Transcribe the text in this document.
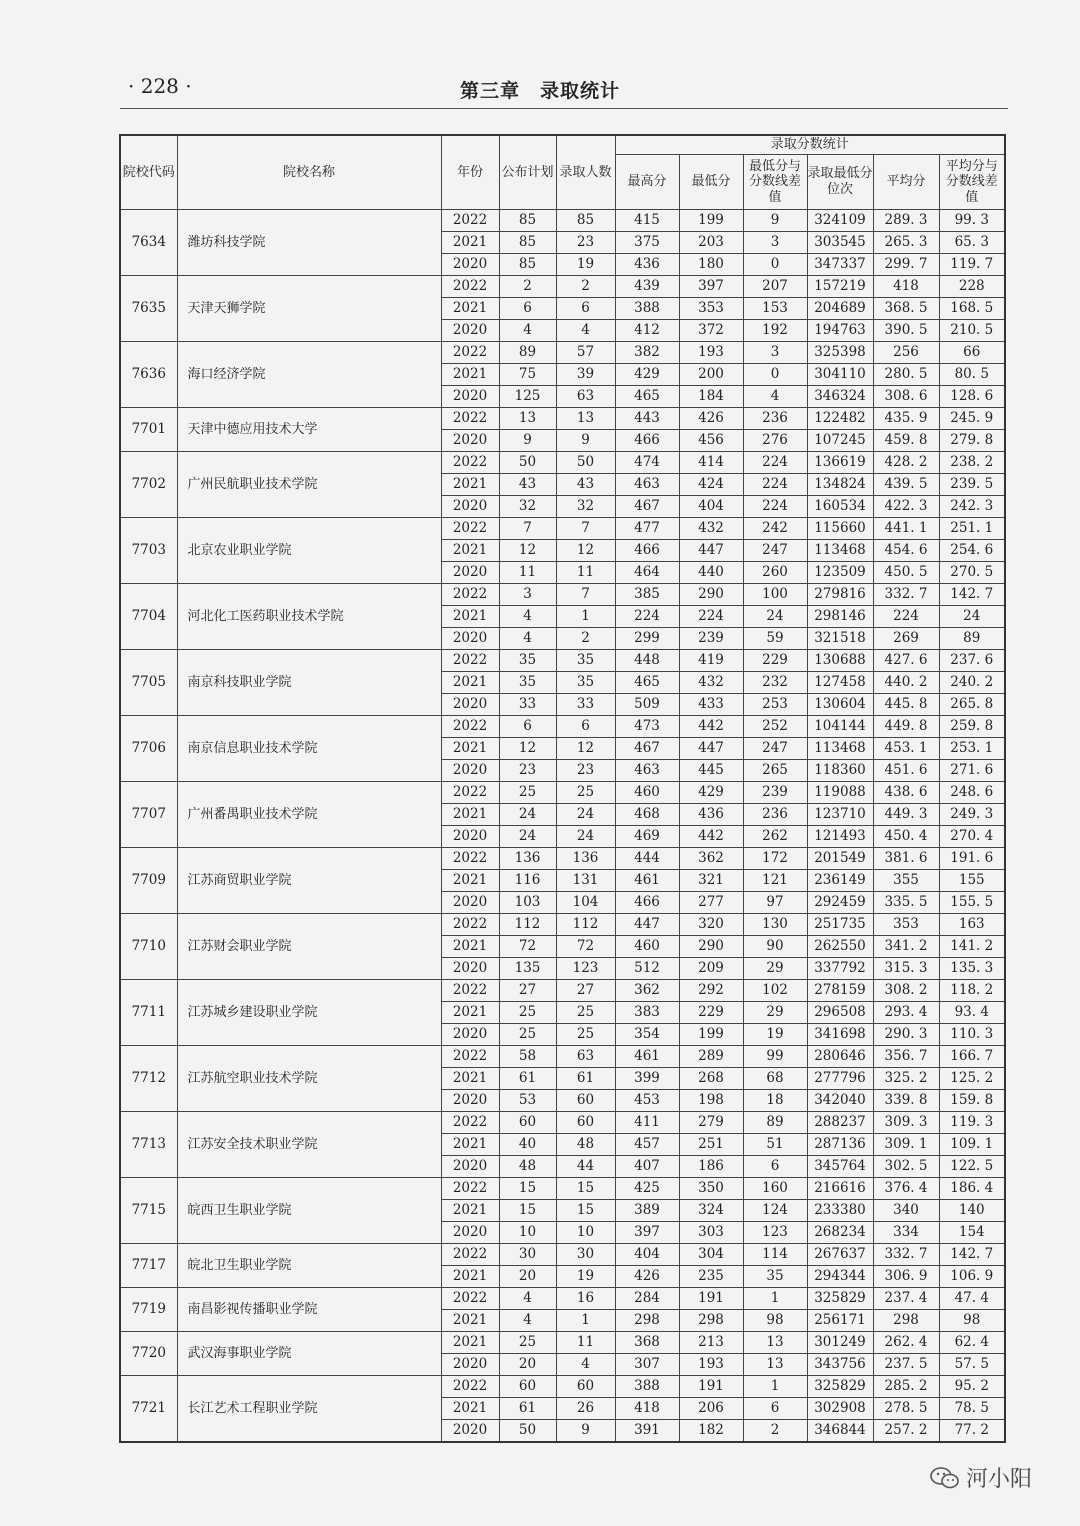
· 228 ·	第三章　录取统计
院校代码	院校名称	年份	公布计划	录取人数	录取分数统计					
					最高分	最低分	最低分与分数线差值	录取最低分位次	平均分	平均分与分数线差值
7634	潍坊科技学院	2022	85	85	415	199	9	324109	289. 3	99. 3
		2021	85	23	375	203	3	303545	265. 3	65. 3
		2020	85	19	436	180	0	347337	299. 7	119. 7
7635	天津天狮学院	2022	2	2	439	397	207	157219	418	228
		2021	6	6	388	353	153	204689	368. 5	168. 5
		2020	4	4	412	372	192	194763	390. 5	210. 5
7636	海口经济学院	2022	89	57	382	193	3	325398	256	66
		2021	75	39	429	200	0	304110	280. 5	80. 5
		2020	125	63	465	184	4	346324	308. 6	128. 6
7701	天津中德应用技术大学	2022	13	13	443	426	236	122482	435. 9	245. 9
		2020	9	9	466	456	276	107245	459. 8	279. 8
7702	广州民航职业技术学院	2022	50	50	474	414	224	136619	428. 2	238. 2
		2021	43	43	463	424	224	134824	439. 5	239. 5
		2020	32	32	467	404	224	160534	422. 3	242. 3
7703	北京农业职业学院	2022	7	7	477	432	242	115660	441. 1	251. 1
		2021	12	12	466	447	247	113468	454. 6	254. 6
		2020	11	11	464	440	260	123509	450. 5	270. 5
7704	河北化工医药职业技术学院	2022	3	7	385	290	100	279816	332. 7	142. 7
		2021	4	1	224	224	24	298146	224	24
		2020	4	2	299	239	59	321518	269	89
7705	南京科技职业学院	2022	35	35	448	419	229	130688	427. 6	237. 6
		2021	35	35	465	432	232	127458	440. 2	240. 2
		2020	33	33	509	433	253	130604	445. 8	265. 8
7706	南京信息职业技术学院	2022	6	6	473	442	252	104144	449. 8	259. 8
		2021	12	12	467	447	247	113468	453. 1	253. 1
		2020	23	23	463	445	265	118360	451. 6	271. 6
7707	广州番禺职业技术学院	2022	25	25	460	429	239	119088	438. 6	248. 6
		2021	24	24	468	436	236	123710	449. 3	249. 3
		2020	24	24	469	442	262	121493	450. 4	270. 4
7709	江苏商贸职业学院	2022	136	136	444	362	172	201549	381. 6	191. 6
		2021	116	131	461	321	121	236149	355	155
		2020	103	104	466	277	97	292459	335. 5	155. 5
7710	江苏财会职业学院	2022	112	112	447	320	130	251735	353	163
		2021	72	72	460	290	90	262550	341. 2	141. 2
		2020	135	123	512	209	29	337792	315. 3	135. 3
7711	江苏城乡建设职业学院	2022	27	27	362	292	102	278159	308. 2	118. 2
		2021	25	25	383	229	29	296508	293. 4	93. 4
		2020	25	25	354	199	19	341698	290. 3	110. 3
7712	江苏航空职业技术学院	2022	58	63	461	289	99	280646	356. 7	166. 7
		2021	61	61	399	268	68	277796	325. 2	125. 2
		2020	53	60	453	198	18	342040	339. 8	159. 8
7713	江苏安全技术职业学院	2022	60	60	411	279	89	288237	309. 3	119. 3
		2021	40	48	457	251	51	287136	309. 1	109. 1
		2020	48	44	407	186	6	345764	302. 5	122. 5
7715	皖西卫生职业学院	2022	15	15	425	350	160	216616	376. 4	186. 4
		2021	15	15	389	324	124	233380	340	140
		2020	10	10	397	303	123	268234	334	154
7717	皖北卫生职业学院	2022	30	30	404	304	114	267637	332. 7	142. 7
		2021	20	19	426	235	35	294344	306. 9	106. 9
7719	南昌影视传播职业学院	2022	4	16	284	191	1	325829	237. 4	47. 4
		2021	4	1	298	298	98	256171	298	98
7720	武汉海事职业学院	2021	25	11	368	213	13	301249	262. 4	62. 4
		2020	20	4	307	193	13	343756	237. 5	57. 5
7721	长江艺术工程职业学院	2022	60	60	388	191	1	325829	285. 2	95. 2
		2021	61	26	418	206	6	302908	278. 5	78. 5
		2020	50	9	391	182	2	346844	257. 2	77. 2
河小阳
